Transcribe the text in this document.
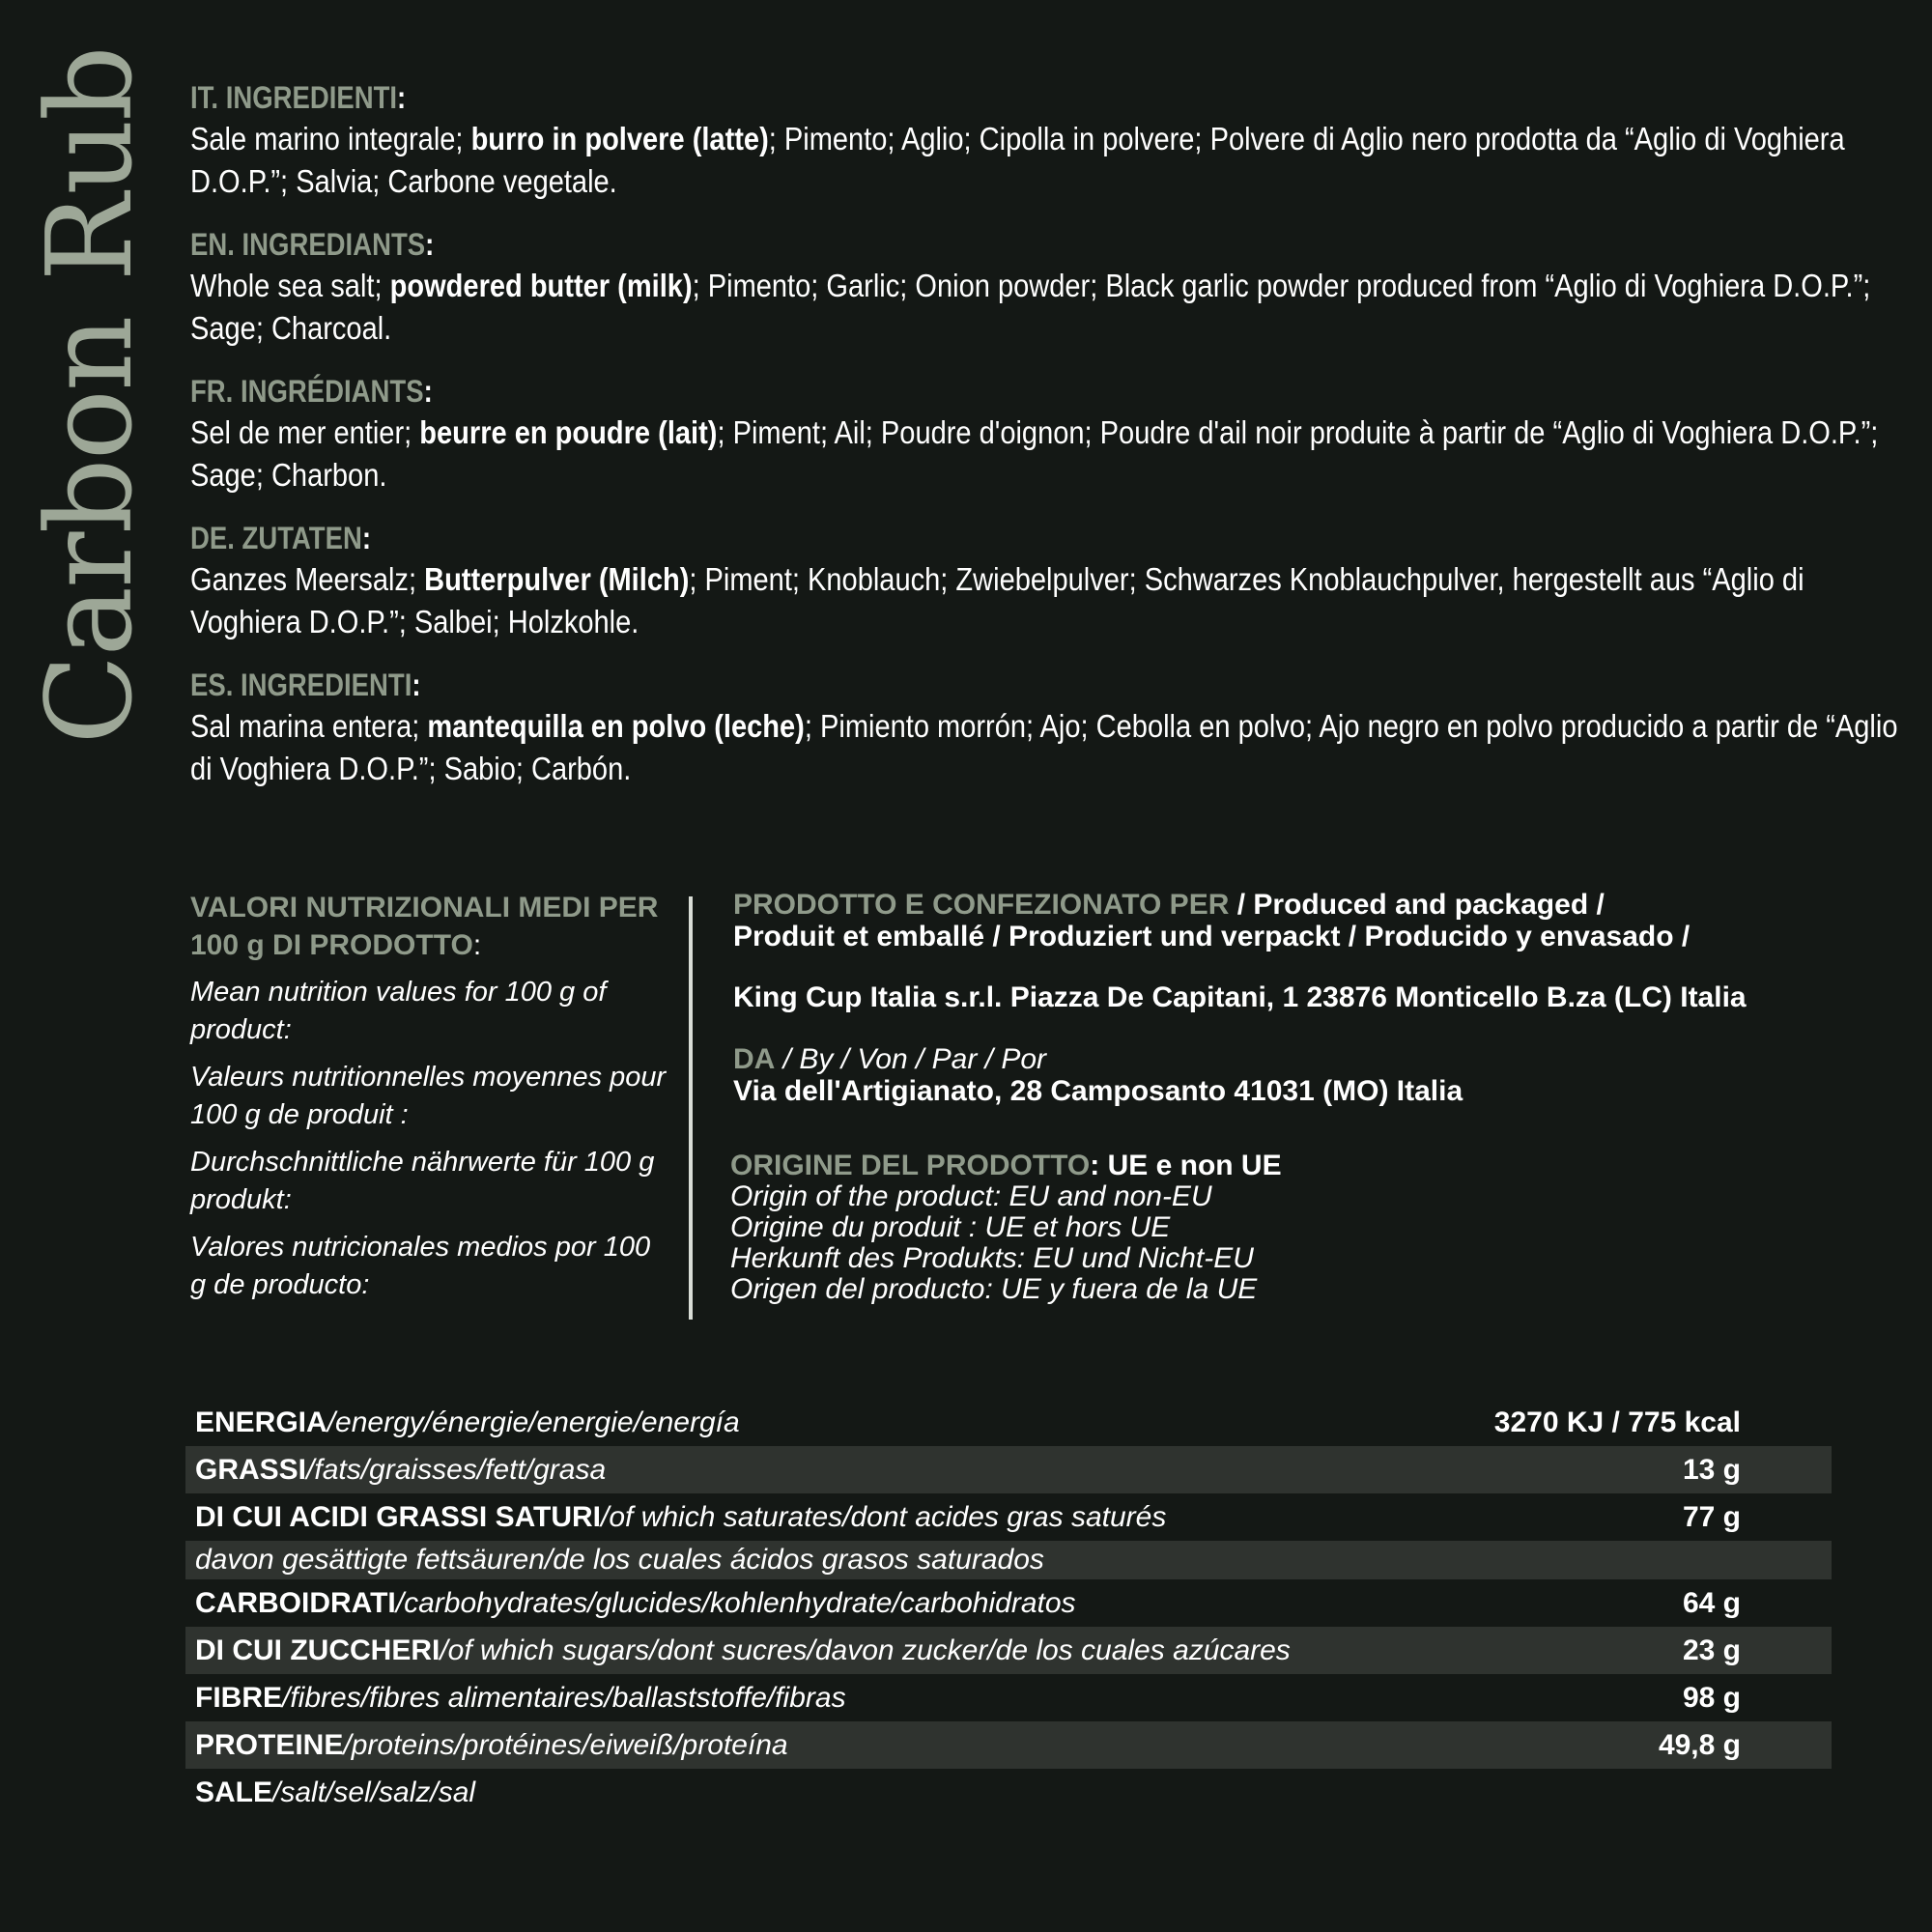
Carbon Rub IT. INGREDIENTI:
Sale marino integrale; burro in polvere (latte); Pimento; Aglio; Cipolla in polvere; Polvere di Aglio nero prodotta da “Aglio di Voghiera D.O.P.”; Salvia; Carbone vegetale.
EN. INGREDIANTS:
Whole sea salt; powdered butter (milk); Pimento; Garlic; Onion powder; Black garlic powder produced from “Aglio di Voghiera D.O.P.”; Sage; Charcoal.
FR. INGRÉDIANTS:
Sel de mer entier; beurre en poudre (lait); Piment; Ail; Poudre d'oignon; Poudre d'ail noir produite à partir de “Aglio di Voghiera D.O.P.”; Sage; Charbon.
DE. ZUTATEN:
Ganzes Meersalz; Butterpulver (Milch); Piment; Knoblauch; Zwiebelpulver; Schwarzes Knoblauchpulver, hergestellt aus “Aglio di Voghiera D.O.P.”; Salbei; Holzkohle.
ES. INGREDIENTI:
Sal marina entera; mantequilla en polvo (leche); Pimiento morrón; Ajo; Cebolla en polvo; Ajo negro en polvo producido a partir de “Aglio di Voghiera D.O.P.”; Sabio; Carbón.
VALORI NUTRIZIONALI MEDI PER 100 g DI PRODOTTO:
Mean nutrition values for 100 g of product:
Valeurs nutritionnelles moyennes pour 100 g de produit :
Durchschnittliche nährwerte für 100 g produkt:
Valores nutricionales medios por 100 g de producto:
PRODOTTO E CONFEZIONATO PER / Produced and packaged /
Produit et emballé / Produziert und verpackt / Producido y envasado /
King Cup Italia s.r.l. Piazza De Capitani, 1 23876 Monticello B.za (LC) Italia
DA / By / Von / Par / Por
Via dell'Artigianato, 28 Camposanto 41031 (MO) Italia
ORIGINE DEL PRODOTTO: UE e non UE
Origin of the product: EU and non-EU
Origine du produit : UE et hors UE
Herkunft des Produkts: EU und Nicht-EU
Origen del producto: UE y fuera de la UE
ENERGIA/energy/énergie/energie/energía	3270 KJ / 775 kcal
GRASSI/fats/graisses/fett/grasa	13 g
DI CUI ACIDI GRASSI SATURI/of which saturates/dont acides gras saturés	77 g
davon gesättigte fettsäuren/de los cuales ácidos grasos saturados
CARBOIDRATI/carbohydrates/glucides/kohlenhydrate/carbohidratos	64 g
DI CUI ZUCCHERI/of which sugars/dont sucres/davon zucker/de los cuales azúcares	23 g
FIBRE/fibres/fibres alimentaires/ballaststoffe/fibras	98 g
PROTEINE/proteins/protéines/eiweiß/proteína	49,8 g
SALE/salt/sel/salz/sal
